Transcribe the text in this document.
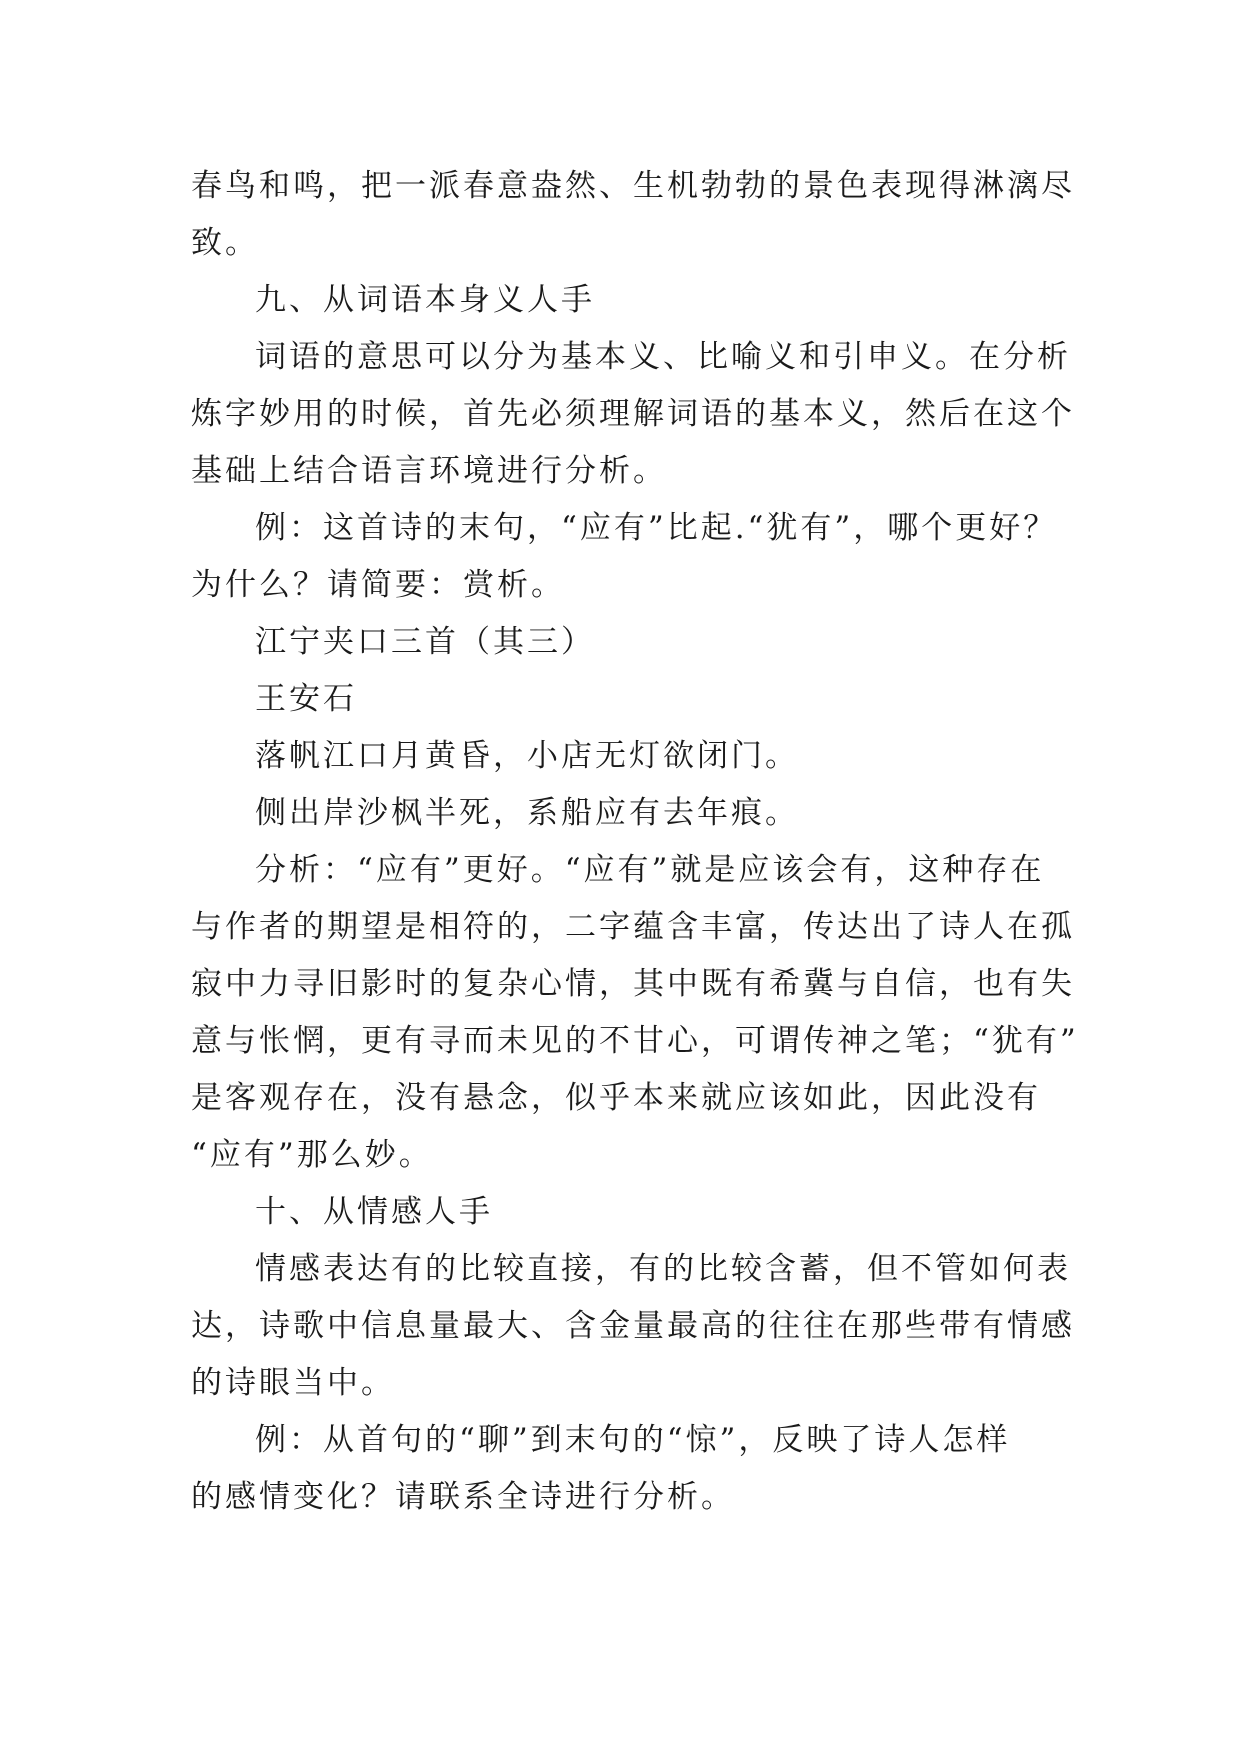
春鸟和鸣，把一派春意盎然、生机勃勃的景色表现得淋漓尽
致。
九、从词语本身义人手
词语的意思可以分为基本义、比喻义和引申义。在分析
炼字妙用的时候，首先必须理解词语的基本义，然后在这个
基础上结合语言环境进行分析。
例：这首诗的末句，“应有”比起.“犹有”，哪个更好？
为什么？请简要：赏析。
江宁夹口三首（其三）
王安石
落帆江口月黄昏，小店无灯欲闭门。
侧出岸沙枫半死，系船应有去年痕。
分析：“应有”更好。“应有”就是应该会有，这种存在
与作者的期望是相符的，二字蕴含丰富，传达出了诗人在孤
寂中力寻旧影时的复杂心情，其中既有希冀与自信，也有失
意与怅惘，更有寻而未见的不甘心，可谓传神之笔；“犹有”
是客观存在，没有悬念，似乎本来就应该如此，因此没有
“应有”那么妙。
十、从情感人手
情感表达有的比较直接，有的比较含蓄，但不管如何表
达，诗歌中信息量最大、含金量最高的往往在那些带有情感
的诗眼当中。
例：从首句的“聊”到末句的“惊”，反映了诗人怎样
的感情变化？请联系全诗进行分析。
